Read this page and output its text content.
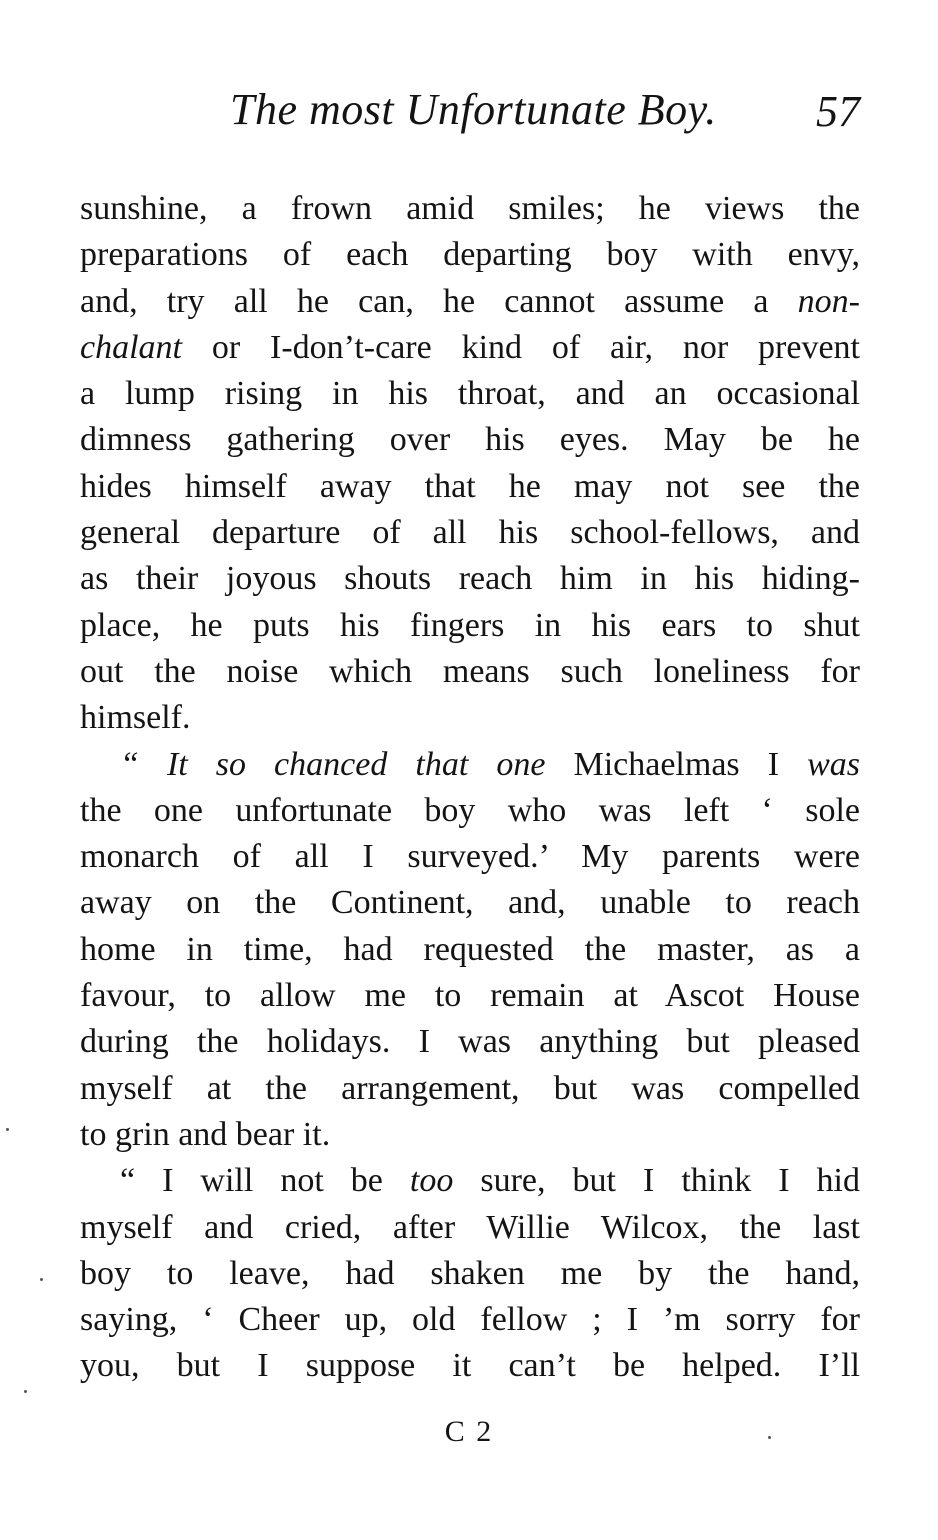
The most Unfortunate Boy. 57
sunshine, a frown amid smiles; he views the
preparations of each departing boy with envy,
and, try all he can, he cannot assume a non-
chalant or I-don’t-care kind of air, nor prevent
a lump rising in his throat, and an occasional
dimness gathering over his eyes. May be he
hides himself away that he may not see the
general departure of all his school-fellows, and
as their joyous shouts reach him in his hiding-
place, he puts his fingers in his ears to shut
out the noise which means such loneliness for
himself.
“ It so chanced that one Michaelmas I was
the one unfortunate boy who was left ‘ sole
monarch of all I surveyed.’ My parents were
away on the Continent, and, unable to reach
home in time, had requested the master, as a
favour, to allow me to remain at Ascot House
during the holidays. I was anything but pleased
myself at the arrangement, but was compelled
to grin and bear it.
“ I will not be too sure, but I think I hid
myself and cried, after Willie Wilcox, the last
boy to leave, had shaken me by the hand,
saying, ‘ Cheer up, old fellow ; I ’m sorry for
you, but I suppose it can’t be helped. I’ll
C 2
